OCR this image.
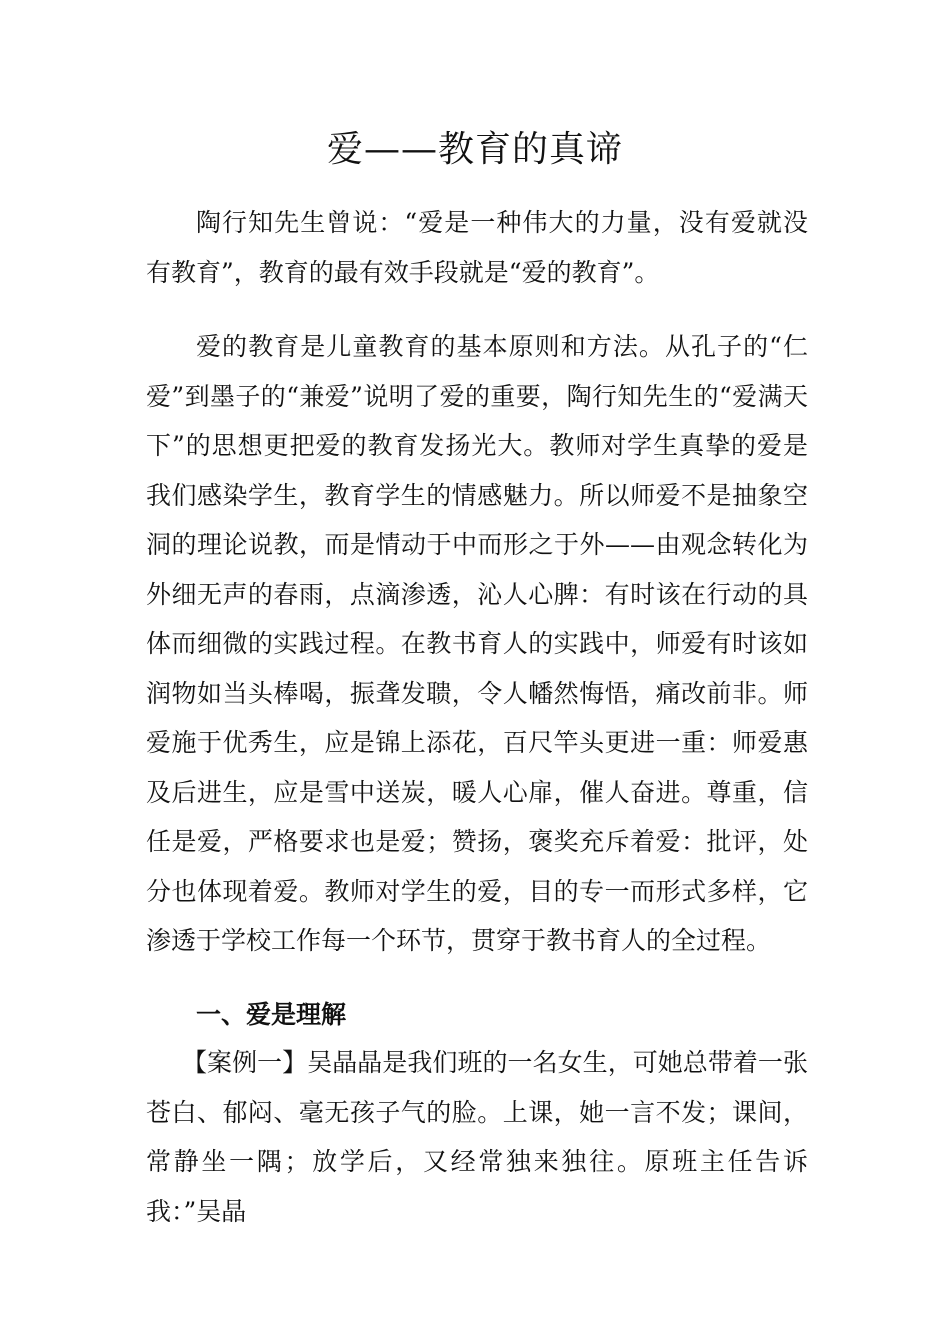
爱——教育的真谛

陶行知先生曾说：“爱是一种伟大的力量，没有爱就没有教育”，教育的最有效手段就是“爱的教育”。

爱的教育是儿童教育的基本原则和方法。从孔子的“仁爱”到墨子的“兼爱”说明了爱的重要，陶行知先生的“爱满天下”的思想更把爱的教育发扬光大。教师对学生真挚的爱是我们感染学生，教育学生的情感魅力。所以师爱不是抽象空洞的理论说教，而是情动于中而形之于外——由观念转化为外细无声的春雨，点滴渗透，沁人心脾：有时该在行动的具体而细微的实践过程。在教书育人的实践中，师爱有时该如润物如当头棒喝，振聋发聩，令人幡然悔悟，痛改前非。师爱施于优秀生，应是锦上添花，百尺竿头更进一重：师爱惠及后进生，应是雪中送炭，暖人心扉，催人奋进。尊重，信任是爱，严格要求也是爱；赞扬，褒奖充斥着爱：批评，处分也体现着爱。教师对学生的爱，目的专一而形式多样，它渗透于学校工作每一个环节，贯穿于教书育人的全过程。

一、爱是理解

【案例一】吴晶晶是我们班的一名女生，可她总带着一张苍白、郁闷、毫无孩子气的脸。上课，她一言不发；课间，常静坐一隅；放学后，又经常独来独往。原班主任告诉我：”吴晶
